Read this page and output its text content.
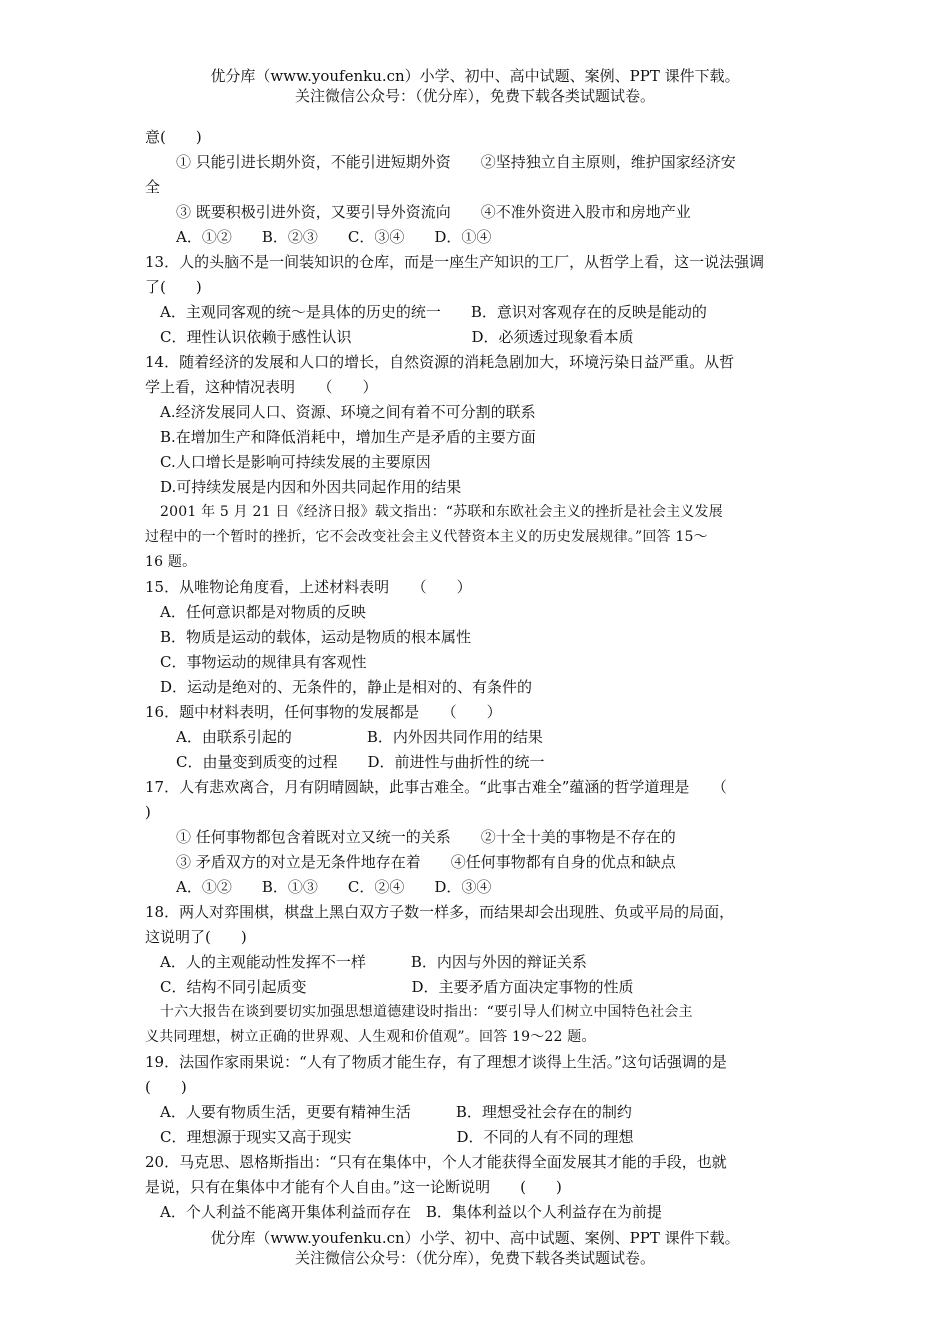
优分库（www.youfenku.cn）小学、初中、高中试题、案例、PPT 课件下载。
关注微信公众号：（优分库），免费下载各类试题试卷。
意(　　)
① 只能引进长期外资，不能引进短期外资　　②坚持独立自主原则，维护国家经济安
全
③ 既要积极引进外资，又要引导外资流向　　④不准外资进入股市和房地产业
A．①②　　B．②③　　C．③④　　D．①④
13．人的头脑不是一间装知识的仓库，而是一座生产知识的工厂，从哲学上看，这一说法强调
了(　　)
A．主观同客观的统～是具体的历史的统一　　B．意识对客观存在的反映是能动的
C．理性认识依赖于感性认识　　　　　　　　D．必须透过现象看本质
14．随着经济的发展和人口的增长，自然资源的消耗急剧加大，环境污染日益严重。从哲
学上看，这种情况表明　　（　　）
A.经济发展同人口、资源、环境之间有着不可分割的联系
B.在增加生产和降低消耗中，增加生产是矛盾的主要方面
C.人口增长是影响可持续发展的主要原因
D.可持续发展是内因和外因共同起作用的结果
2001 年 5 月 21 日《经济日报》载文指出：“苏联和东欧社会主义的挫折是社会主义发展
过程中的一个暂时的挫折，它不会改变社会主义代替资本主义的历史发展规律。”回答 15～
16 题。
15．从唯物论角度看，上述材料表明　　（　　）
A．任何意识都是对物质的反映
B．物质是运动的载体，运动是物质的根本属性
C．事物运动的规律具有客观性
D．运动是绝对的、无条件的，静止是相对的、有条件的
16．题中材料表明，任何事物的发展都是　　（　　）
A．由联系引起的　　　　　B．内外因共同作用的结果
C．由量变到质变的过程　　D．前进性与曲折性的统一
17．人有悲欢离合，月有阴晴圆缺，此事古难全。“此事古难全”蕴涵的哲学道理是　　（
)
① 任何事物都包含着既对立又统一的关系　　②十全十美的事物是不存在的
③ 矛盾双方的对立是无条件地存在着　　④任何事物都有自身的优点和缺点
A．①②　　B．①③　　C．②④　　D．③④
18．两人对弈围棋，棋盘上黑白双方子数一样多，而结果却会出现胜、负或平局的局面，
这说明了(　　)
A．人的主观能动性发挥不一样　　　B．内因与外因的辩证关系
C．结构不同引起质变　　　　　　　D．主要矛盾方面决定事物的性质
十六大报告在谈到要切实加强思想道德建设时指出：“要引导人们树立中国特色社会主
义共同理想，树立正确的世界观、人生观和价值观”。回答 19～22 题。
19．法国作家雨果说：“人有了物质才能生存，有了理想才谈得上生活。”这句话强调的是
(　　)
A．人要有物质生活，更要有精神生活　　　B．理想受社会存在的制约
C．理想源于现实又高于现实　　　　　　　D．不同的人有不同的理想
20．马克思、恩格斯指出：“只有在集体中，个人才能获得全面发展其才能的手段，也就
是说，只有在集体中才能有个人自由。”这一论断说明　　(　　)
A．个人利益不能离开集体利益而存在　B．集体利益以个人利益存在为前提
优分库（www.youfenku.cn）小学、初中、高中试题、案例、PPT 课件下载。
关注微信公众号：（优分库），免费下载各类试题试卷。
